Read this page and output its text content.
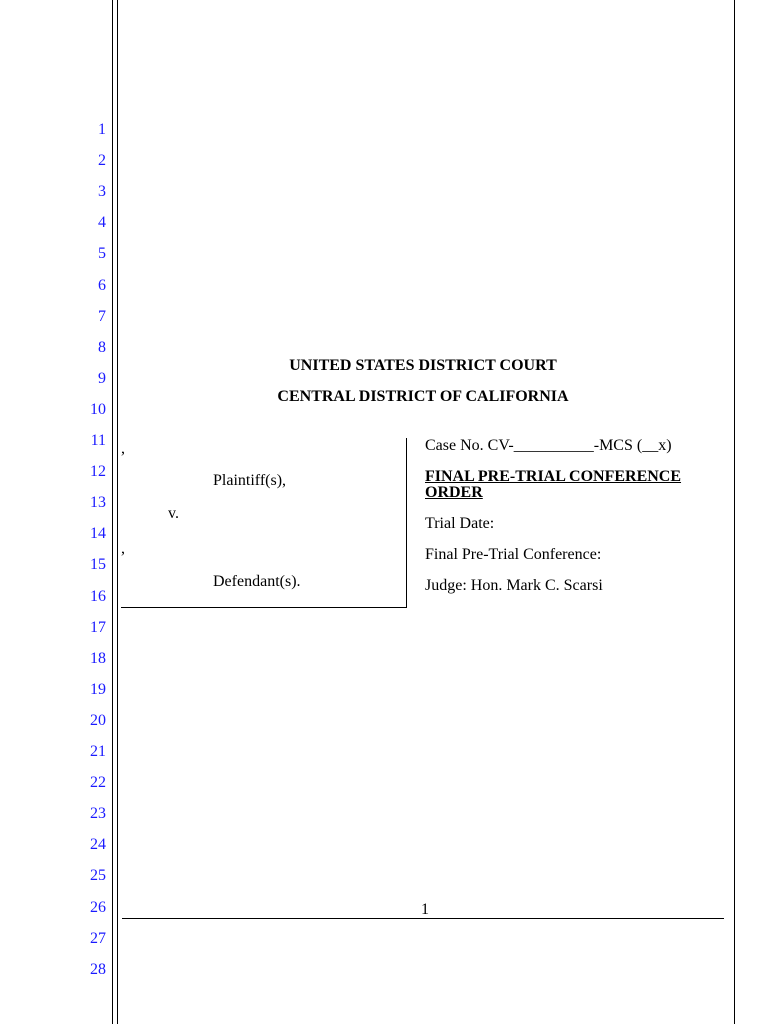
1
2
3
4
5
6
7
8
9
10
11
12
13
14
15
16
17
18
19
20
21
22
23
24
25
26
27
28
UNITED STATES DISTRICT COURT
CENTRAL DISTRICT OF CALIFORNIA
,
Plaintiff(s),
v.
,
Defendant(s).
Case No. CV-__________-MCS (__x)
FINAL PRE-TRIAL CONFERENCE
ORDER
Trial Date:
Final Pre-Trial Conference:
Judge: Hon. Mark C. Scarsi
1
